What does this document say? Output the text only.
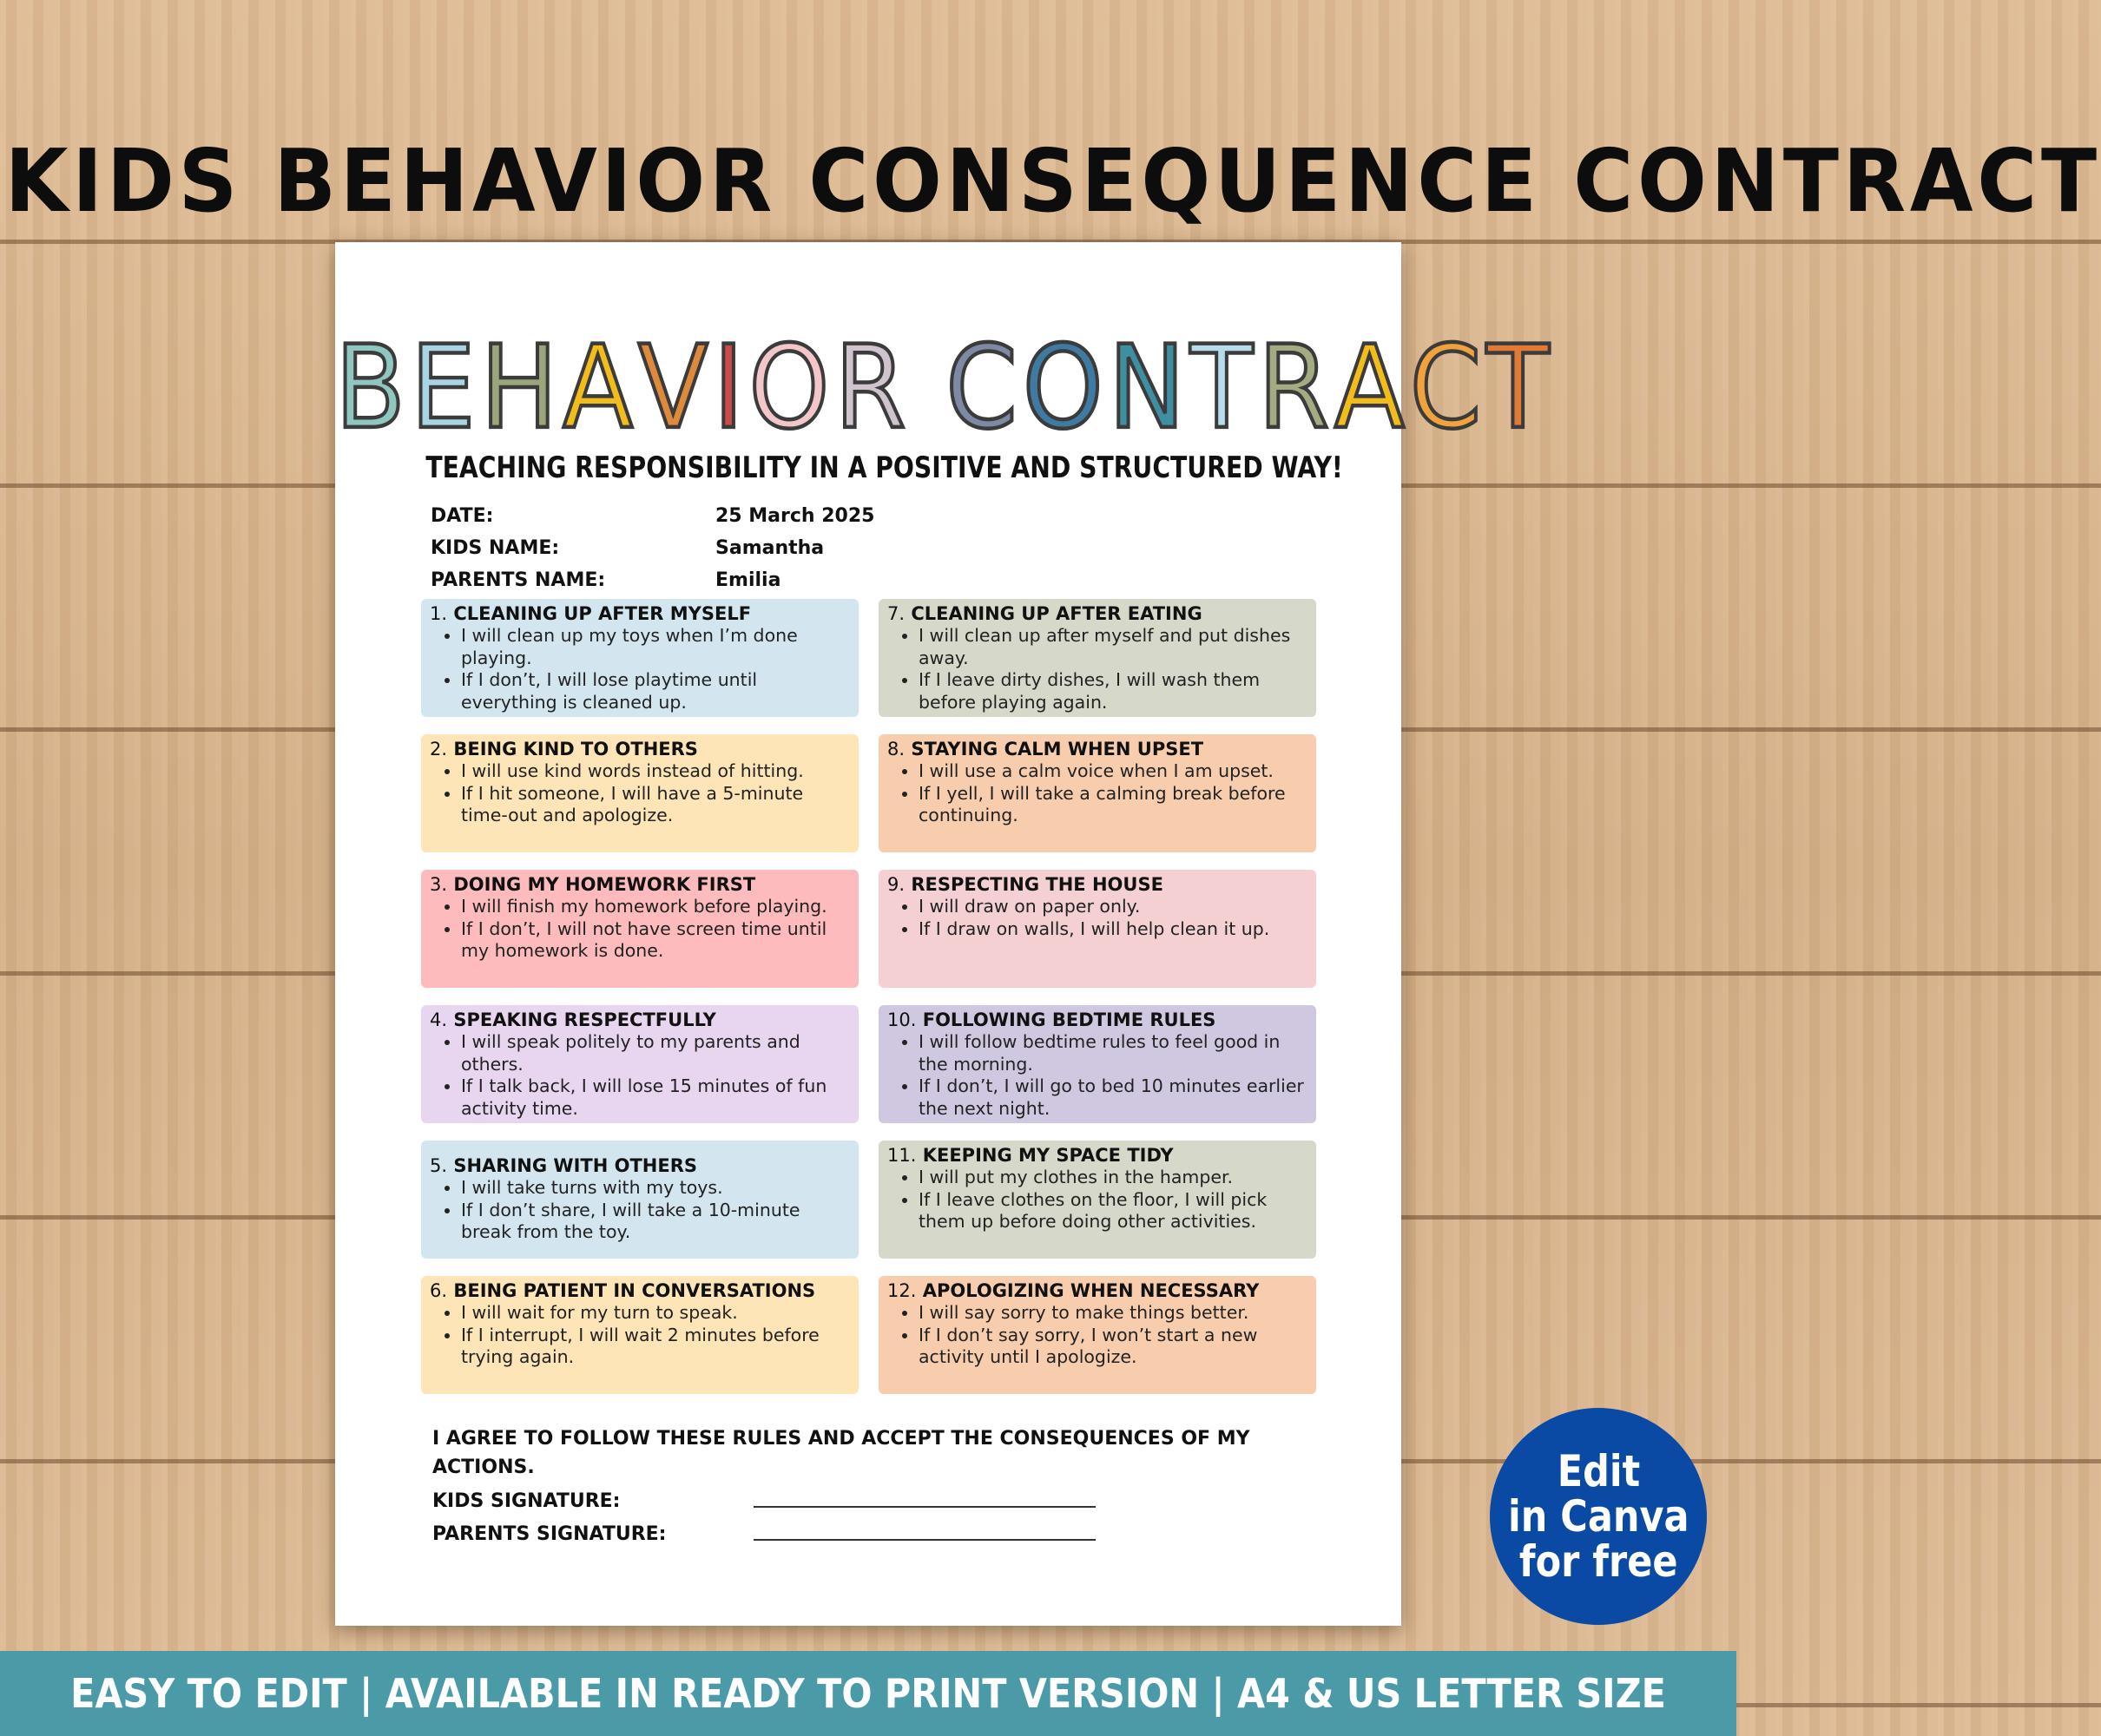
KIDS BEHAVIOR CONSEQUENCE CONTRACT
BEHAVIOR CONTRACT
TEACHING RESPONSIBILITY IN A POSITIVE AND STRUCTURED WAY!
DATE:	25 March 2025
KIDS NAME:	Samantha
PARENTS NAME:	Emilia
1. CLEANING UP AFTER MYSELF
• I will clean up my toys when I’m done playing.
• If I don’t, I will lose playtime until everything is cleaned up.
2. BEING KIND TO OTHERS
• I will use kind words instead of hitting.
• If I hit someone, I will have a 5-minute time-out and apologize.
3. DOING MY HOMEWORK FIRST
• I will finish my homework before playing.
• If I don’t, I will not have screen time until my homework is done.
4. SPEAKING RESPECTFULLY
• I will speak politely to my parents and others.
• If I talk back, I will lose 15 minutes of fun activity time.
5. SHARING WITH OTHERS
• I will take turns with my toys.
• If I don’t share, I will take a 10-minute break from the toy.
6. BEING PATIENT IN CONVERSATIONS
• I will wait for my turn to speak.
• If I interrupt, I will wait 2 minutes before trying again.
7. CLEANING UP AFTER EATING
• I will clean up after myself and put dishes away.
• If I leave dirty dishes, I will wash them before playing again.
8. STAYING CALM WHEN UPSET
• I will use a calm voice when I am upset.
• If I yell, I will take a calming break before continuing.
9. RESPECTING THE HOUSE
• I will draw on paper only.
• If I draw on walls, I will help clean it up.
10. FOLLOWING BEDTIME RULES
• I will follow bedtime rules to feel good in the morning.
• If I don’t, I will go to bed 10 minutes earlier the next night.
11. KEEPING MY SPACE TIDY
• I will put my clothes in the hamper.
• If I leave clothes on the floor, I will pick them up before doing other activities.
12. APOLOGIZING WHEN NECESSARY
• I will say sorry to make things better.
• If I don’t say sorry, I won’t start a new activity until I apologize.
I AGREE TO FOLLOW THESE RULES AND ACCEPT THE CONSEQUENCES OF MY ACTIONS.
KIDS SIGNATURE:
PARENTS SIGNATURE:
Edit
in Canva
for free
EASY TO EDIT | AVAILABLE IN READY TO PRINT VERSION | A4 & US LETTER SIZE
